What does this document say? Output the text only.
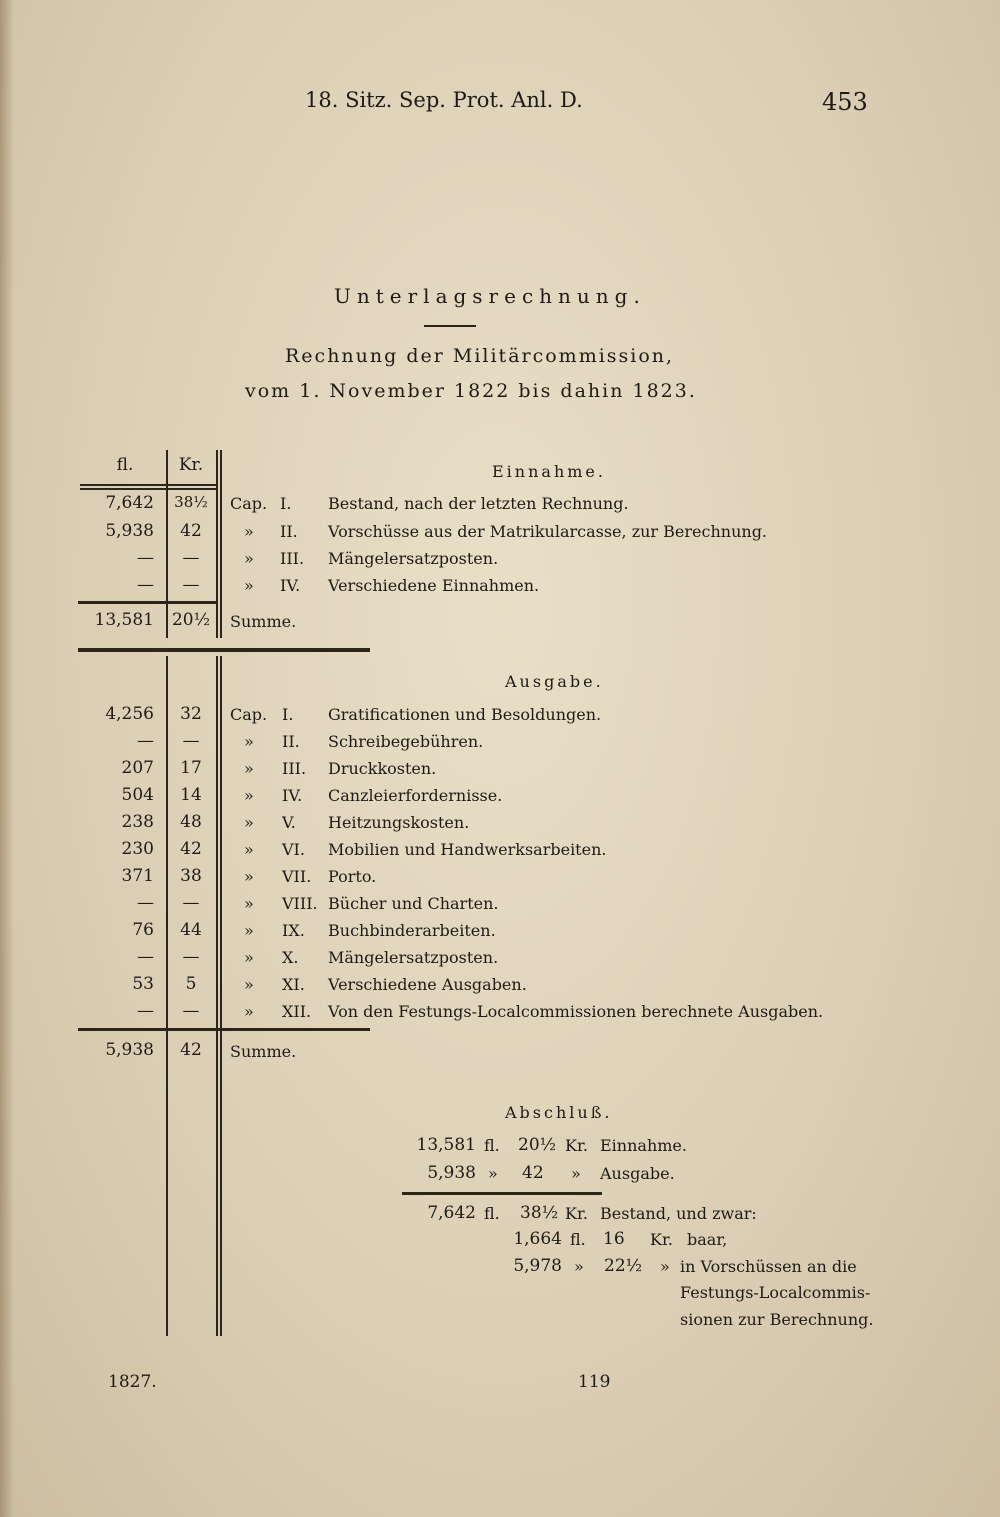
18. Sitz. Sep. Prot. Anl. D.	453
Unterlagsrechnung.
Rechnung der Militärcommission,
vom 1. November 1822 bis dahin 1823.
fl.	Kr.	Einnahme.
7,642	38½	Cap. I. Bestand, nach der letzten Rechnung.
5,938	42	» II. Vorschüsse aus der Matrikularcasse, zur Berechnung.
—	—	» III. Mängelersatzposten.
—	—	» IV. Verschiedene Einnahmen.
13,581 20½ Summe.
Ausgabe.
4,256	32	Cap. I. Gratificationen und Besoldungen.
—	—	» II. Schreibegebühren.
207	17	» III. Druckkosten.
504	14	» IV. Canzleierfordernisse.
238	48	» V. Heitzungskosten.
230	42	» VI. Mobilien und Handwerksarbeiten.
371	38	» VII. Porto.
—	—	» VIII. Bücher und Charten.
76	44	» IX. Buchbinderarbeiten.
—	—	» X. Mängelersatzposten.
53	5	» XI. Verschiedene Ausgaben.
—	—	» XII. Von den Festungs-Localcommissionen berechnete Ausgaben.
5,938	42	Summe.
Abschluß.
13,581 fl. 20½ Kr. Einnahme.
5,938 » 42 » Ausgabe.
7,642 fl. 38½ Kr. Bestand, und zwar:
1,664 fl. 16 Kr. baar,
5,978 » 22½ » in Vorschüssen an die
Festungs-Localcommis-
sionen zur Berechnung.
1827.	119
